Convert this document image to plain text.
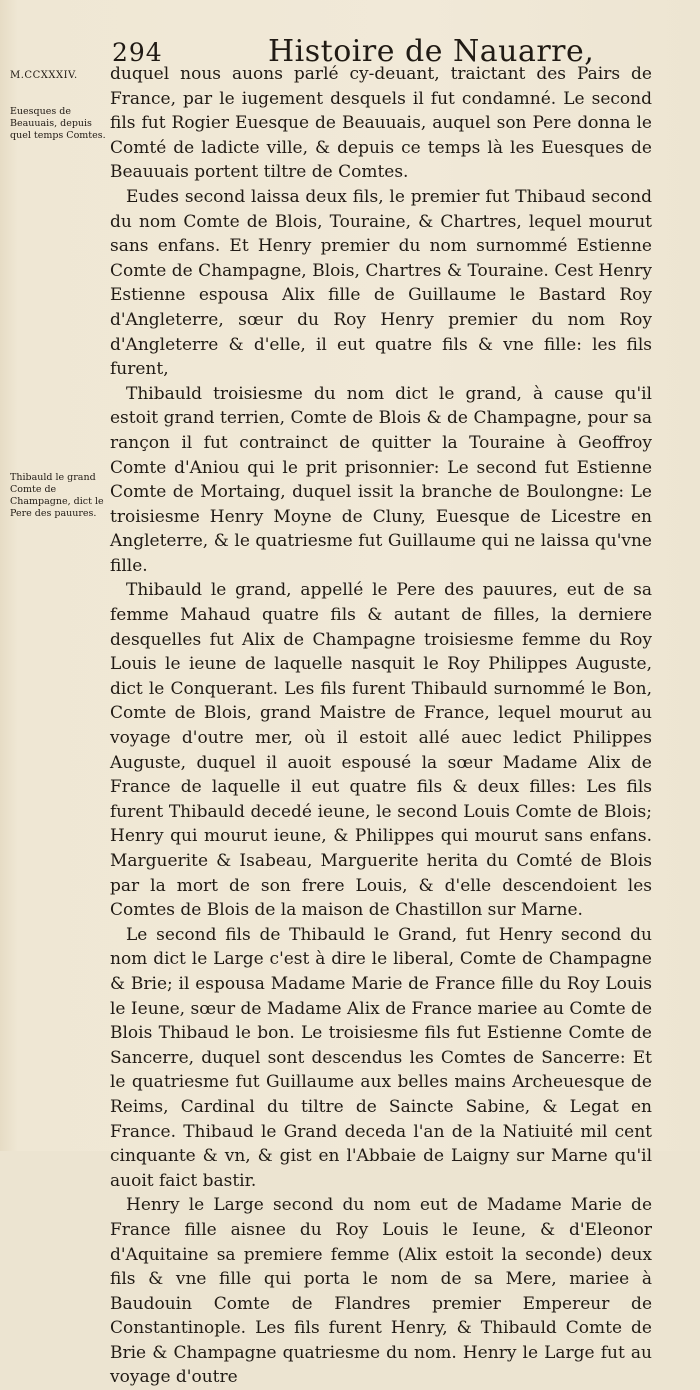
294	Histoire de Nauarre,
M.CCXXXIV.
Euesques de Beauuais, depuis quel temps Comtes.
Thibauld le grand Comte de Champagne, dict le Pere des pauures.

duquel nous auons parlé cy-deuant, traictant des Pairs de France, par le iugement desquels il fut condamné. Le second fils fut Rogier Euesque de Beauuais, auquel son Pere donna le Comté de ladicte ville, & depuis ce temps là les Euesques de Beauuais portent tiltre de Comtes.

Eudes second laissa deux fils, le premier fut Thibaud second du nom Comte de Blois, Touraine, & Chartres, lequel mourut sans enfans. Et Henry premier du nom surnommé Estienne Comte de Champagne, Blois, Chartres & Touraine. Cest Henry Estienne espousa Alix fille de Guillaume le Bastard Roy d'Angleterre, sœur du Roy Henry premier du nom Roy d'Angleterre & d'elle, il eut quatre fils & vne fille: les fils furent,

Thibauld troisiesme du nom dict le grand, à cause qu'il estoit grand terrien, Comte de Blois & de Champagne, pour sa rançon il fut contrainct de quitter la Touraine à Geoffroy Comte d'Aniou qui le prit prisonnier: Le second fut Estienne Comte de Mortaing, duquel issit la branche de Boulongne: Le troisiesme Henry Moyne de Cluny, Euesque de Licestre en Angleterre, & le quatriesme fut Guillaume qui ne laissa qu'vne fille.

Thibauld le grand, appellé le Pere des pauures, eut de sa femme Mahaud quatre fils & autant de filles, la derniere desquelles fut Alix de Champagne troisiesme femme du Roy Louis le ieune de laquelle nasquit le Roy Philippes Auguste, dict le Conquerant. Les fils furent Thibauld surnommé le Bon, Comte de Blois, grand Maistre de France, lequel mourut au voyage d'outre mer, où il estoit allé auec ledict Philippes Auguste, duquel il auoit espousé la sœur Madame Alix de France de laquelle il eut quatre fils & deux filles: Les fils furent Thibauld decedé ieune, le second Louis Comte de Blois; Henry qui mourut ieune, & Philippes qui mourut sans enfans. Marguerite & Isabeau, Marguerite herita du Comté de Blois par la mort de son frere Louis, & d'elle descendoient les Comtes de Blois de la maison de Chastillon sur Marne.

Le second fils de Thibauld le Grand, fut Henry second du nom dict le Large c'est à dire le liberal, Comte de Champagne & Brie; il espousa Madame Marie de France fille du Roy Louis le Ieune, sœur de Madame Alix de France mariee au Comte de Blois Thibaud le bon. Le troisiesme fils fut Estienne Comte de Sancerre, duquel sont descendus les Comtes de Sancerre: Et le quatriesme fut Guillaume aux belles mains Archeuesque de Reims, Cardinal du tiltre de Saincte Sabine, & Legat en France. Thibaud le Grand deceda l'an de la Natiuité mil cent cinquante & vn, & gist en l'Abbaie de Laigny sur Marne qu'il auoit faict bastir.

Henry le Large second du nom eut de Madame Marie de France fille aisnee du Roy Louis le Ieune, & d'Eleonor d'Aquitaine sa premiere femme (Alix estoit la seconde) deux fils & vne fille qui porta le nom de sa Mere, mariee à Baudouin Comte de Flandres premier Empereur de Constantinople. Les fils furent Henry, & Thibauld Comte de Brie & Champagne quatriesme du nom. Henry le Large fut au voyage d'outre
